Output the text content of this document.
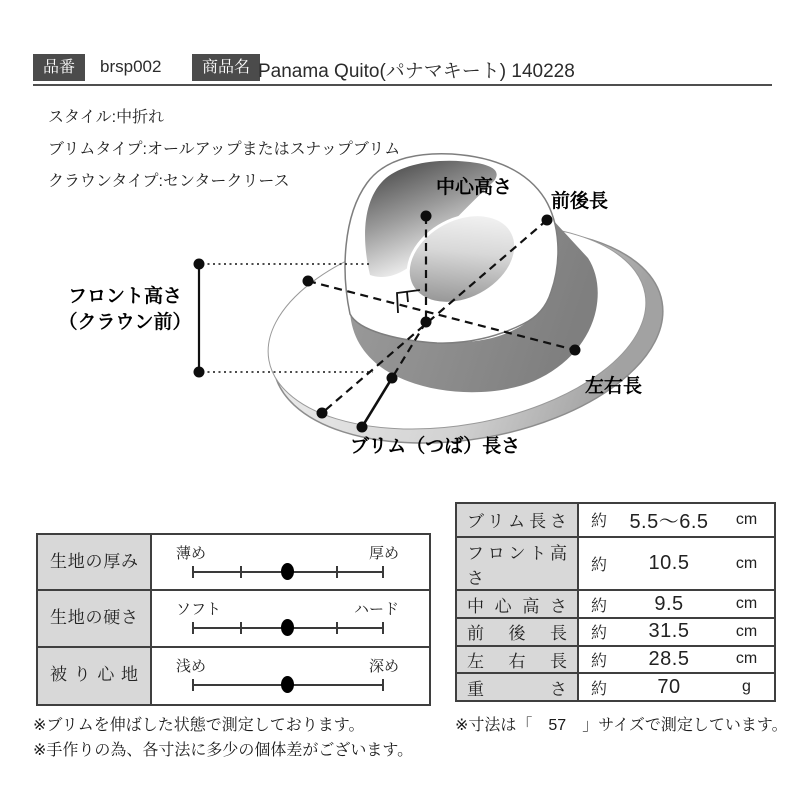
品番	brsp002	商品名 Panama Quito(パナマキート) 140228
スタイル:中折れ
ブリムタイプ:オールアップまたはスナップブリム
クラウンタイプ:センタークリース	中心高さ
前後長
フロント高さ
（クラウン前）
左右長
ブリム（つば）長さ
生地の厚み	薄め	厚め
生地の硬さ	ソフト	ハード
被り心地	浅め	深め
ブリム長さ	約	5.5～6.5	cm
フロント高さ	約	10.5	cm
中心高さ	約	9.5	cm
前後長	約	31.5	cm
左右長	約	28.5	cm
重さ	約	70	g
※ブリムを伸ばした状態で測定しております。
※手作りの為、各寸法に多少の個体差がございます。
※寸法は「　57　」サイズで測定しています。
